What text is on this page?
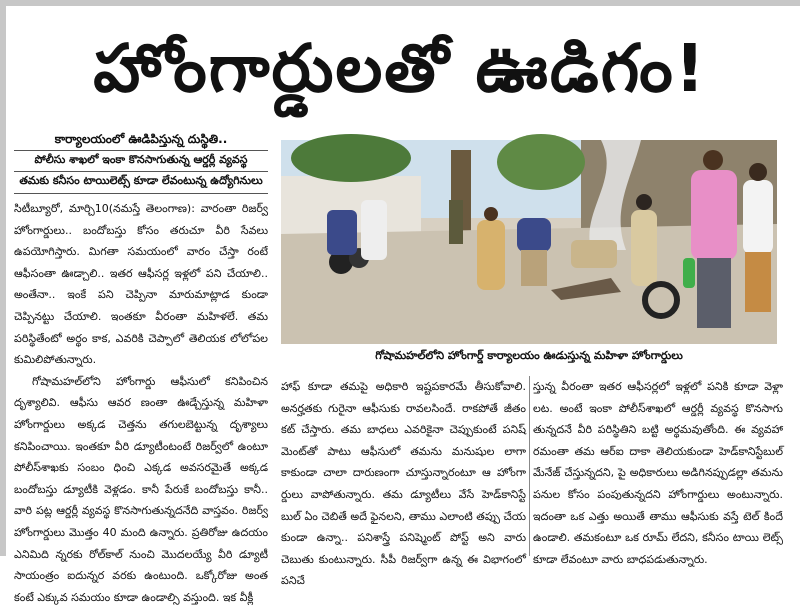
హోంగార్డులతో ఊడిగం!
కార్యాలయంలో ఊడిపిస్తున్న దుస్థితి..
పోలీసు శాఖలో ఇంకా కొనసాగుతున్న ఆర్డర్లీ వ్యవస్థ
తమకు కనీసం టాయిలెట్స్ కూడా లేవంటున్న ఉద్యోగినులు

సిటీబ్యూరో, మార్చి10(నమస్తే తెలంగాణ): వారంతా రిజర్వ్ హోంగార్డులు.. బందోబస్తు కోసం తరుచూ వీరి సేవలు ఉపయోగిస్తారు. మిగతా సమయంలో వారం చేస్తా రంటే ఆఫీసంతా ఊడ్చాలి.. ఇతర ఆఫీసర్ల ఇళ్లలో పని చేయాలి.. అంతేనా.. ఇంకే పని చెప్పినా మారుమాట్లాడ కుండా చెప్పినట్టు చేయాలి. ఇంతకూ వీరంతా మహిళలే. తమ పరిస్థితేంటో అర్థం కాక, ఎవరికి చెప్పాలో తెలియక లోలోపల కుమిలిపోతున్నారు.

గోషామహల్‌లోని హోంగార్డు ఆఫీసులో కనిపించిన దృశ్యాలివి. ఆఫీసు ఆవర ణంతా ఊడ్చేస్తున్న మహిళా హోంగార్డులు అక్కడ చెత్తను తగులబెట్టున్న దృశ్యాలు కనిపించాయి. ఇంతకూ వీరి డ్యూటీంటంటే రిజర్వ్‌లో ఉంటూ పోలీస్‌శాఖకు సంబం ధించి ఎక్కడ అవసరమైతే అక్కడ బందోబస్తు డ్యూటీకి వెళ్లడం. కానీ పేరుకే బందోబస్తు కానీ.. వారి పట్ల ఆర్డర్లీ వ్యవస్థ కొనసాగుతున్నదనేది వాస్తవం. రిజర్వ్ హోంగార్డులు మొత్తం 40 మంది ఉన్నారు. ప్రతిరోజు ఉదయం ఎనిమిది న్నరకు రోల్‌కాల్ నుంచి మొదలయ్యే వీరి డ్యూటీ సాయంత్రం ఐదున్నర వరకు ఉంటుంది. ఒక్కోరోజు అంత కంటే ఎక్కువ సమయం కూడా ఉండాల్సి వస్తుంది. ఇక వీక్లీ

గోషామహల్‌లోని హోంగార్డ్ కార్యాలయం ఊడుస్తున్న మహిళా హోంగార్డులు

హాఫ్ కూడా తమపై అధికారి ఇష్టపకారమే తీసుకోవాలి. అనర్హతకు గురైనా ఆఫీసుకు రావలసిందే. రాకపోతే జీతం కట్ చేస్తారు. తమ బాధలు ఎవరికైనా చెప్పుకుంటే పనిష్ మెంట్‌తో పాటు ఆఫీసులో తమను మనుషుల లాగా కాకుండా చాలా దారుణంగా చూస్తున్నారంటూ ఆ హోంగా ర్డులు వాపోతున్నారు. తమ డ్యూటీలు వేసే హెడ్‌కానిస్టే బుల్ ఏం చెబితే అదే ఫైనలని, తాము ఎలాంటి తప్పు చేయ కుండా ఉన్నా.. పనిశాస్త్రే పనిష్మెంట్ పోస్ట్ అని వారు చెబుతు కుంటున్నారు. సీపీ రిజర్వ్‌గా ఉన్న ఈ విభాగంలో పనిచే

స్తున్న వీరంతా ఇతర ఆఫీసర్లలో ఇళ్లలో పనికి కూడా వెళ్లా లట. అంటే ఇంకా పోలీస్‌శాఖలో ఆర్డర్లీ వ్యవస్థ కొనసాగు తున్నదనే వీరి పరిస్థితిని బట్టి అర్థమవుతోంది. ఈ వ్యవహా రమంతా తమ ఆర్‌ఐ దాకా తెలియకుండా హెడ్‌కానిస్టేబుల్ మేనేజ్ చేస్తున్నదని, పై అధికారులు అడిగినప్పుడల్లా తమను పనుల కోసం పంపుతున్నదని హోంగార్డులు అంటున్నారు. ఇదంతా ఒక ఎత్తు అయితే తాము ఆఫీసుకు వస్తే టెల్ కిందే ఉండాలి. తమకంటూ ఒక రూమ్ లేదని, కనీసం టాయి లెట్స్ కూడా లేవంటూ వారు బాధపడుతున్నారు.
